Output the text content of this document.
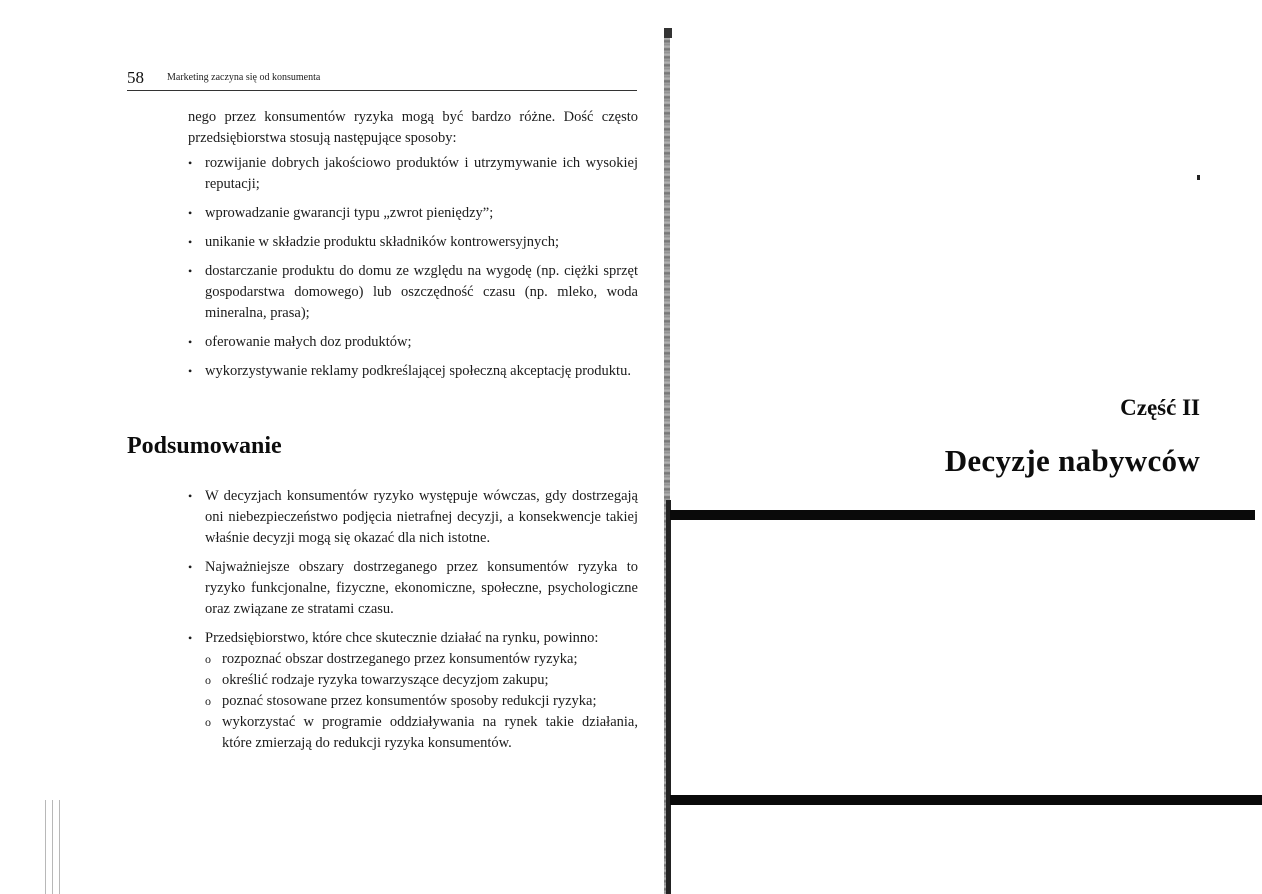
58 Marketing zaczyna się od konsumenta
nego przez konsumentów ryzyka mogą być bardzo różne. Dość często przedsiębiorstwa stosują następujące sposoby:
• rozwijanie dobrych jakościowo produktów i utrzymywanie ich wysokiej reputacji;
• wprowadzanie gwarancji typu „zwrot pieniędzy”;
• unikanie w składzie produktu składników kontrowersyjnych;
• dostarczanie produktu do domu ze względu na wygodę (np. ciężki sprzęt gospodarstwa domowego) lub oszczędność czasu (np. mleko, woda mineralna, prasa);
• oferowanie małych doz produktów;
• wykorzystywanie reklamy podkreślającej społeczną akceptację produktu.
Podsumowanie
• W decyzjach konsumentów ryzyko występuje wówczas, gdy dostrzegają oni niebezpieczeństwo podjęcia nietrafnej decyzji, a konsekwencje takiej właśnie decyzji mogą się okazać dla nich istotne.
• Najważniejsze obszary dostrzeganego przez konsumentów ryzyka to ryzyko funkcjonalne, fizyczne, ekonomiczne, społeczne, psychologiczne oraz związane ze stratami czasu.
• Przedsiębiorstwo, które chce skutecznie działać na rynku, powinno:
o rozpoznać obszar dostrzeganego przez konsumentów ryzyka;
o określić rodzaje ryzyka towarzyszące decyzjom zakupu;
o poznać stosowane przez konsumentów sposoby redukcji ryzyka;
o wykorzystać w programie oddziaływania na rynek takie działania, które zmierzają do redukcji ryzyka konsumentów.
Część II
Decyzje nabywców
